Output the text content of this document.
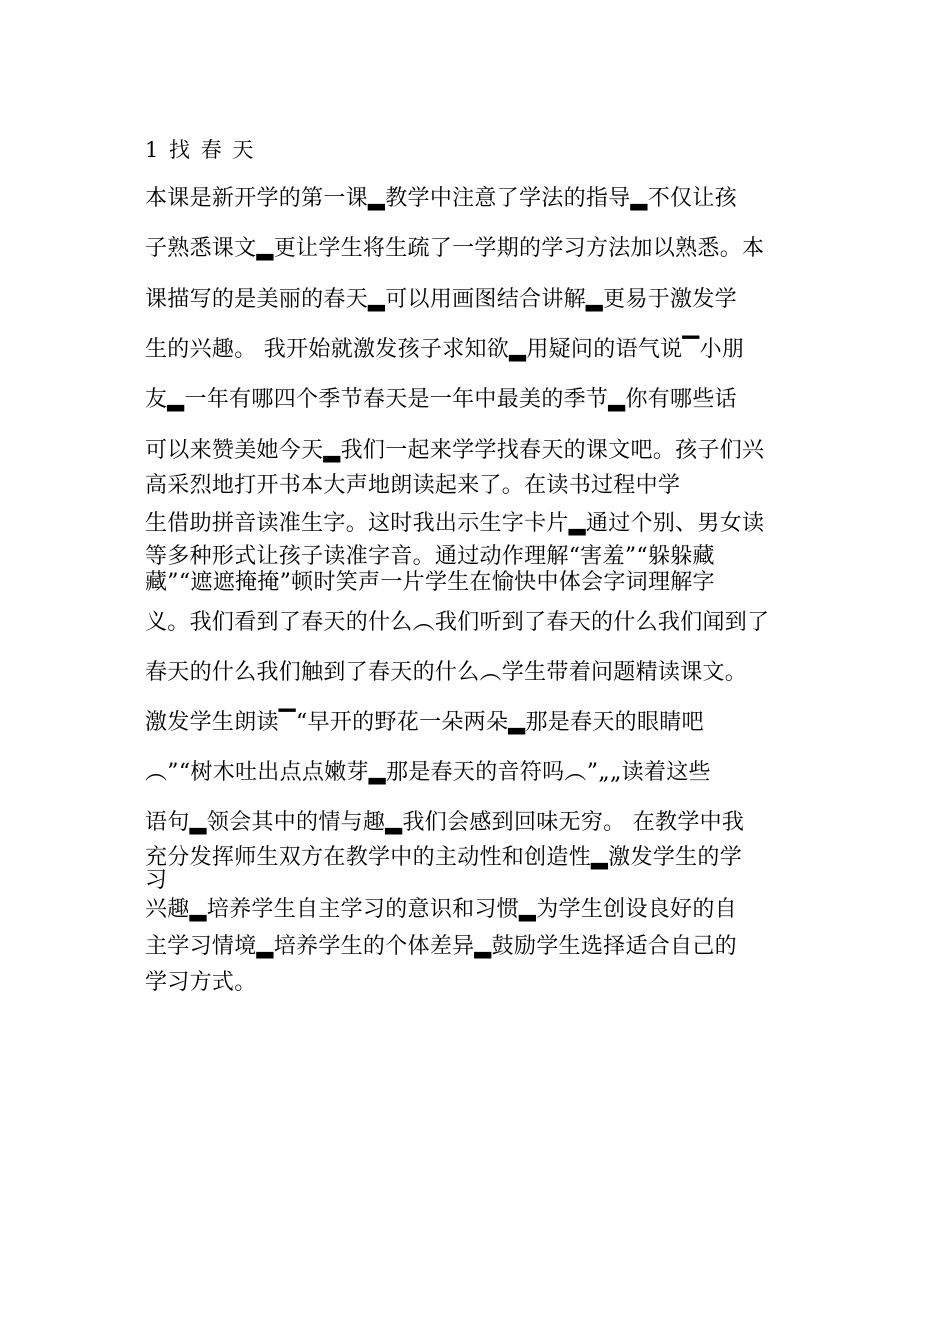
1 找 春 天
本课是新开学的第一课▂教学中注意了学法的指导▂不仅让孩
子熟悉课文▂更让学生将生疏了一学期的学习方法加以熟悉。本
课描写的是美丽的春天▂可以用画图结合讲解▂更易于激发学
生的兴趣。 我开始就激发孩子求知欲▂用疑问的语气说▔小朋
友▂一年有哪四个季节春天是一年中最美的季节▂你有哪些话
可以来赞美她今天▂我们一起来学学找春天的课文吧。孩子们兴
高采烈地打开书本大声地朗读起来了。在读书过程中学
生借助拼音读准生字。这时我出示生字卡片▂通过个别、男女读
等多种形式让孩子读准字音。通过动作理解“害羞”“躲躲藏
藏”“遮遮掩掩”顿时笑声一片学生在愉快中体会字词理解字
义。我们看到了春天的什么︵我们听到了春天的什么我们闻到了
春天的什么我们触到了春天的什么︵学生带着问题精读课文。
激发学生朗读▔“早开的野花一朵两朵▂那是春天的眼睛吧
︵”“树木吐出点点嫩芽▂那是春天的音符吗︵”„„读着这些
语句▂领会其中的情与趣▂我们会感到回味无穷。 在教学中我
充分发挥师生双方在教学中的主动性和创造性▂激发学生的学
习
兴趣▂培养学生自主学习的意识和习惯▂为学生创设良好的自
主学习情境▂培养学生的个体差异▂鼓励学生选择适合自己的
学习方式。
